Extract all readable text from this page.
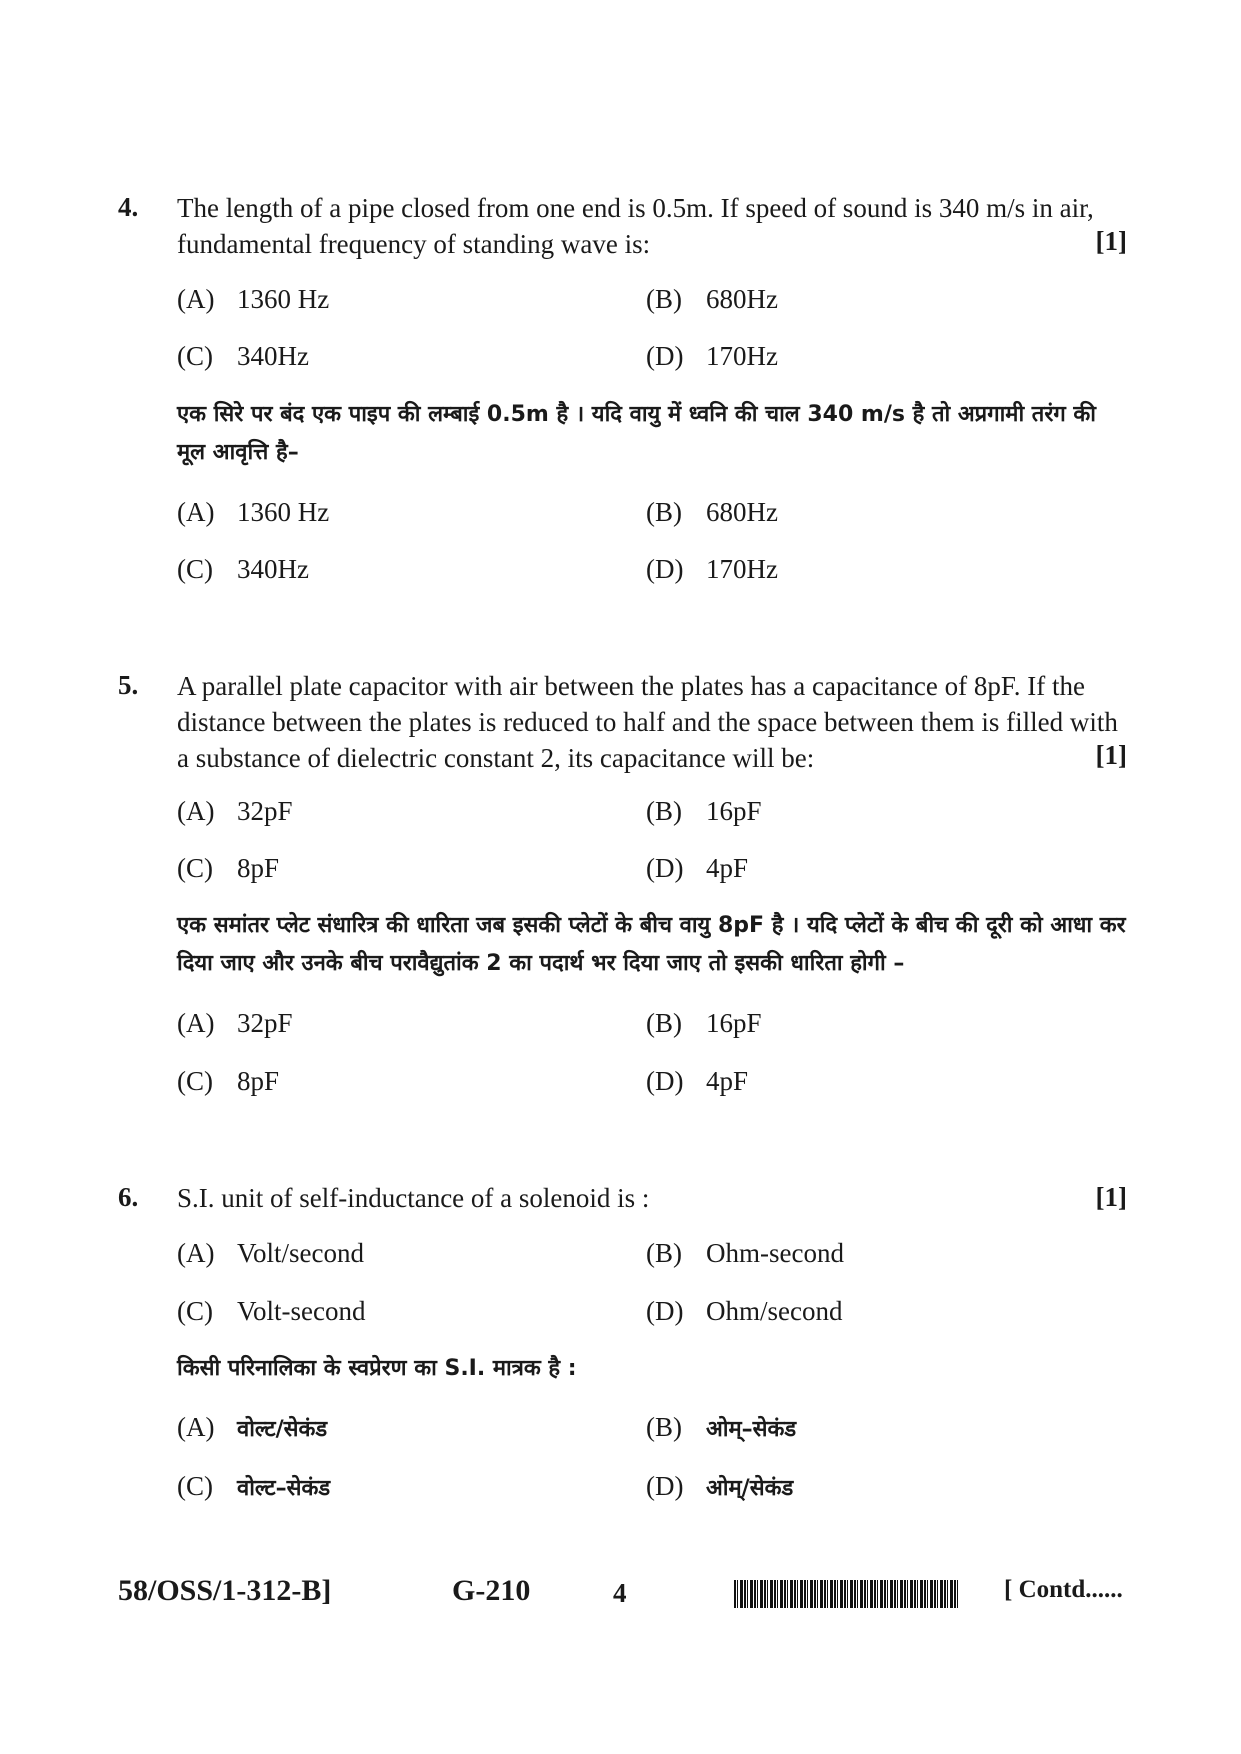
4. The length of a pipe closed from one end is 0.5m. If speed of sound is 340 m/s in air, fundamental frequency of standing wave is:	[1]
(A) 1360 Hz	(B) 680Hz
(C) 340Hz	(D) 170Hz
एक सिरे पर बंद एक पाइप की लम्बाई 0.5m है । यदि वायु में ध्वनि की चाल 340 m/s है तो अप्रगामी तरंग की मूल आवृत्ति है–
(A) 1360 Hz	(B) 680Hz
(C) 340Hz	(D) 170Hz
5. A parallel plate capacitor with air between the plates has a capacitance of 8pF. If the distance between the plates is reduced to half and the space between them is filled with a substance of dielectric constant 2, its capacitance will be:	[1]
(A) 32pF	(B) 16pF
(C) 8pF	(D) 4pF
एक समांतर प्लेट संधारित्र की धारिता जब इसकी प्लेटों के बीच वायु 8pF है । यदि प्लेटों के बीच की दूरी को आधा कर दिया जाए और उनके बीच परावैद्युतांक 2 का पदार्थ भर दिया जाए तो इसकी धारिता होगी –
(A) 32pF	(B) 16pF
(C) 8pF	(D) 4pF
6. S.I. unit of self-inductance of a solenoid is :	[1]
(A) Volt/second	(B) Ohm-second
(C) Volt-second	(D) Ohm/second
किसी परिनालिका के स्वप्रेरण का S.I. मात्रक है :
(A) वोल्ट/सेकंड	(B) ओम्–सेकंड
(C) वोल्ट–सेकंड	(D) ओम्/सेकंड
58/OSS/1-312-B]	G-210	4	[ Contd......
